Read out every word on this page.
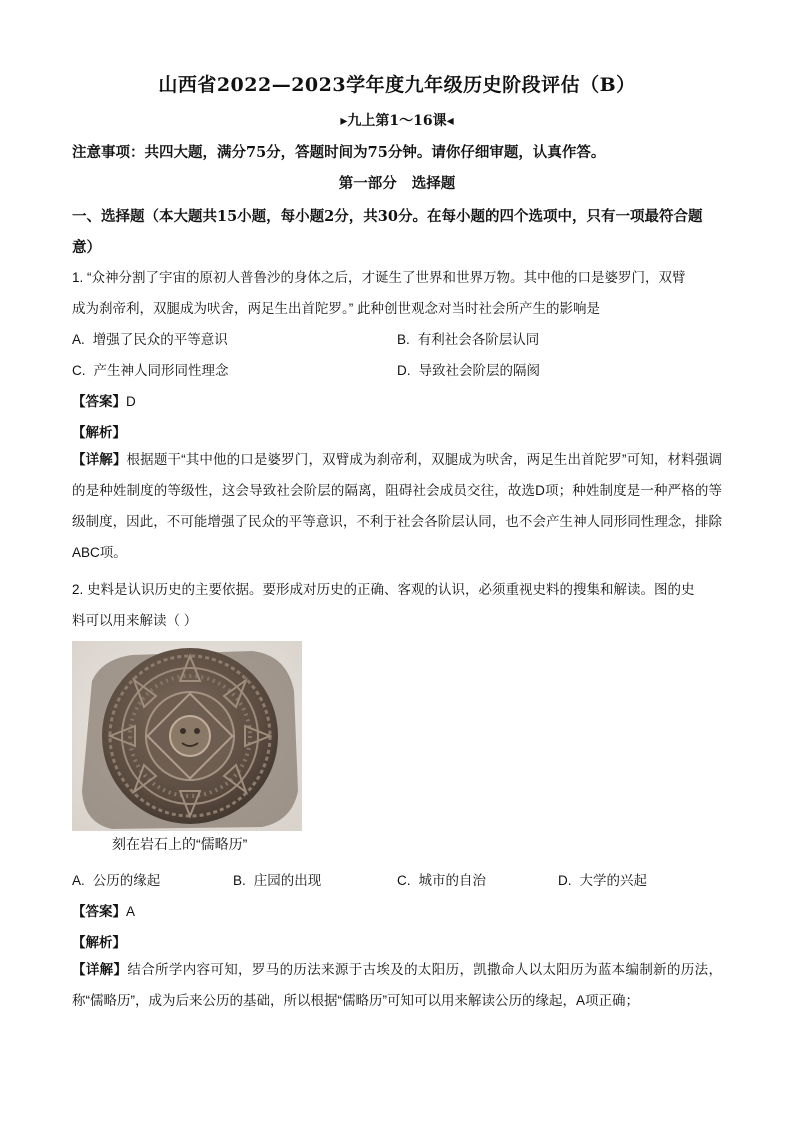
山西省2022—2023学年度九年级历史阶段评估（B）
▸九上第1～16课◂
注意事项：共四大题，满分75分，答题时间为75分钟。请你仔细审题，认真作答。
第一部分 选择题
一、选择题（本大题共15小题，每小题2分，共30分。在每小题的四个选项中，只有一项最符合题意）
1. “众神分割了宇宙的原初人普鲁沙的身体之后，才诞生了世界和世界万物。其中他的口是婆罗门，双臂
成为刹帝利，双腿成为吠舍，两足生出首陀罗。” 此种创世观念对当时社会所产生的影响是
A. 增强了民众的平等意识	B. 有利社会各阶层认同
C. 产生神人同形同性理念	D. 导致社会阶层的隔阂
【答案】D
【解析】
【详解】根据题干“其中他的口是婆罗门，双臂成为刹帝利，双腿成为吠舍，两足生出首陀罗”可知，材料强调的是种姓制度的等级性，这会导致社会阶层的隔离，阻碍社会成员交往，故选D项；种姓制度是一种严格的等级制度，因此，不可能增强了民众的平等意识，不利于社会各阶层认同，也不会产生神人同形同性理念，排除ABC项。
2. 史料是认识历史的主要依据。要形成对历史的正确、客观的认识，必须重视史料的搜集和解读。图的史
料可以用来解读（ ）
刻在岩石上的“儒略历”
A. 公历的缘起	B. 庄园的出现	C. 城市的自治	D. 大学的兴起
【答案】A
【解析】
【详解】结合所学内容可知，罗马的历法来源于古埃及的太阳历，凯撒命人以太阳历为蓝本编制新的历法，称“儒略历”，成为后来公历的基础，所以根据“儒略历”可知可以用来解读公历的缘起，A项正确；
